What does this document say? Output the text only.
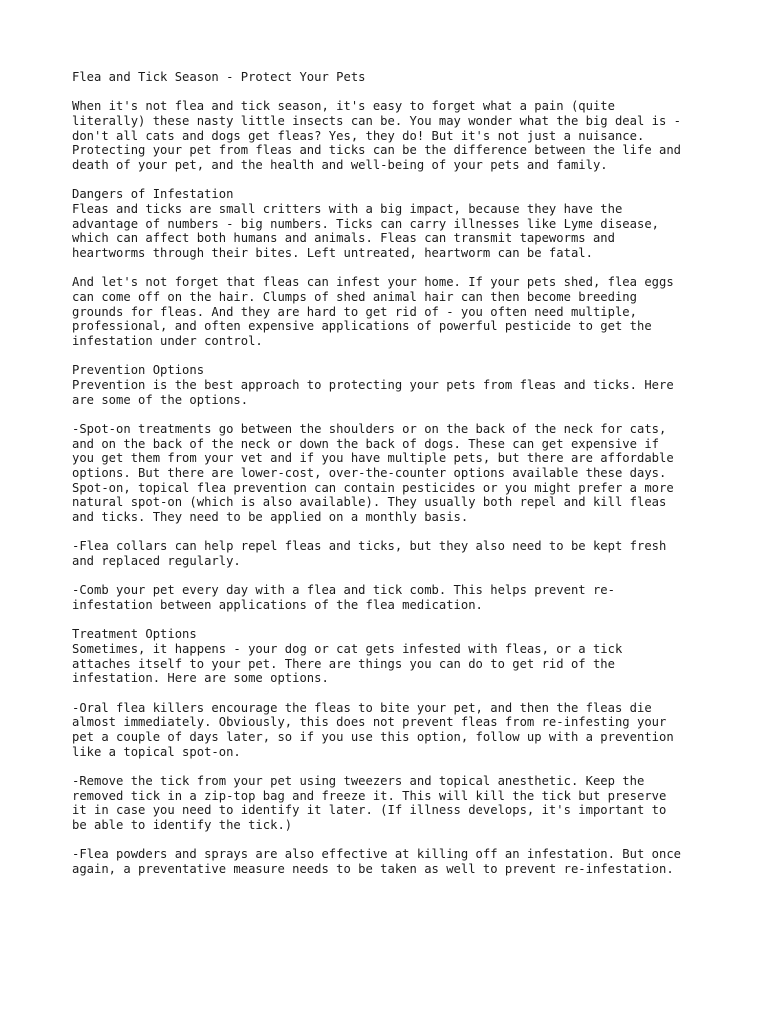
Flea and Tick Season - Protect Your Pets
When it's not flea and tick season, it's easy to forget what a pain (quite
literally) these nasty little insects can be. You may wonder what the big deal is -
don't all cats and dogs get fleas? Yes, they do! But it's not just a nuisance.
Protecting your pet from fleas and ticks can be the difference between the life and
death of your pet, and the health and well-being of your pets and family.
Dangers of Infestation
Fleas and ticks are small critters with a big impact, because they have the
advantage of numbers - big numbers. Ticks can carry illnesses like Lyme disease,
which can affect both humans and animals. Fleas can transmit tapeworms and
heartworms through their bites. Left untreated, heartworm can be fatal.
And let's not forget that fleas can infest your home. If your pets shed, flea eggs
can come off on the hair. Clumps of shed animal hair can then become breeding
grounds for fleas. And they are hard to get rid of - you often need multiple,
professional, and often expensive applications of powerful pesticide to get the
infestation under control.
Prevention Options
Prevention is the best approach to protecting your pets from fleas and ticks. Here
are some of the options.
-Spot-on treatments go between the shoulders or on the back of the neck for cats,
and on the back of the neck or down the back of dogs. These can get expensive if
you get them from your vet and if you have multiple pets, but there are affordable
options. But there are lower-cost, over-the-counter options available these days.
Spot-on, topical flea prevention can contain pesticides or you might prefer a more
natural spot-on (which is also available). They usually both repel and kill fleas
and ticks. They need to be applied on a monthly basis.
-Flea collars can help repel fleas and ticks, but they also need to be kept fresh
and replaced regularly.
-Comb your pet every day with a flea and tick comb. This helps prevent re-
infestation between applications of the flea medication.
Treatment Options
Sometimes, it happens - your dog or cat gets infested with fleas, or a tick
attaches itself to your pet. There are things you can do to get rid of the
infestation. Here are some options.
-Oral flea killers encourage the fleas to bite your pet, and then the fleas die
almost immediately. Obviously, this does not prevent fleas from re-infesting your
pet a couple of days later, so if you use this option, follow up with a prevention
like a topical spot-on.
-Remove the tick from your pet using tweezers and topical anesthetic. Keep the
removed tick in a zip-top bag and freeze it. This will kill the tick but preserve
it in case you need to identify it later. (If illness develops, it's important to
be able to identify the tick.)
-Flea powders and sprays are also effective at killing off an infestation. But once
again, a preventative measure needs to be taken as well to prevent re-infestation.
